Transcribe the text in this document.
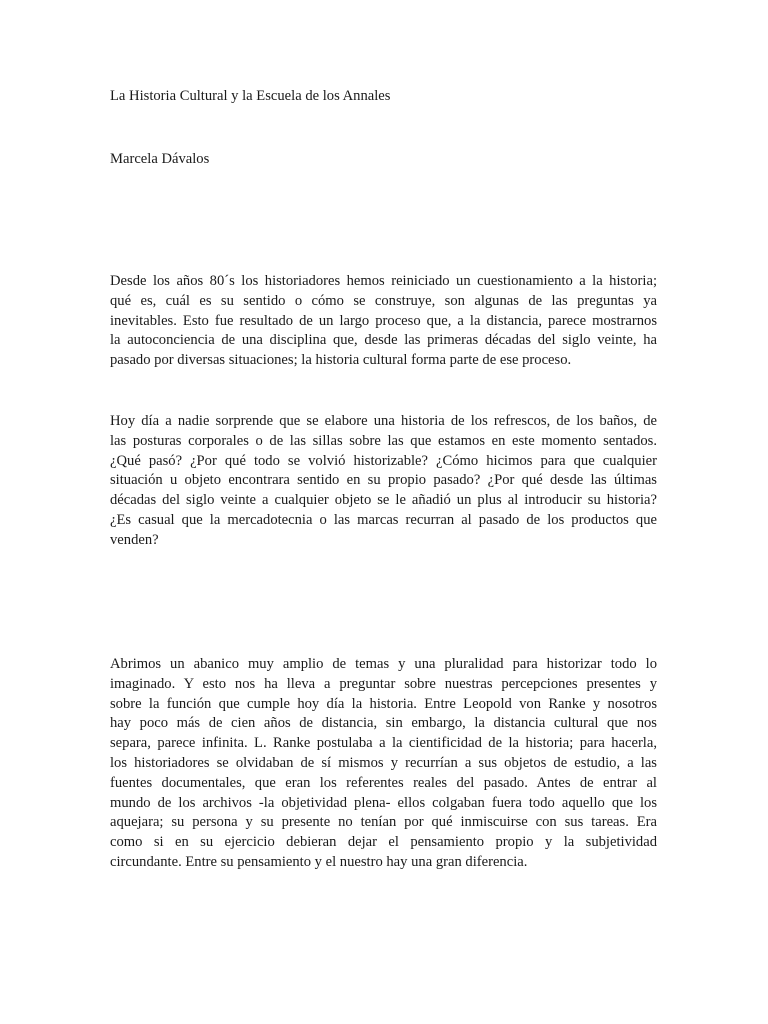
La Historia Cultural y la Escuela de los Annales
Marcela Dávalos
Desde los años 80´s los historiadores hemos reiniciado un cuestionamiento a la historia;
qué es, cuál es su sentido o cómo se construye, son algunas de las preguntas ya
inevitables. Esto fue resultado de un largo proceso que, a la distancia, parece mostrarnos
la autoconciencia de una disciplina que, desde las primeras décadas del siglo veinte, ha
pasado por diversas situaciones; la historia cultural forma parte de ese proceso.
Hoy día a nadie sorprende que se elabore una historia de los refrescos, de los baños, de
las posturas corporales o de las sillas sobre las que estamos en este momento sentados.
¿Qué pasó? ¿Por qué todo se volvió historizable? ¿Cómo hicimos para que cualquier
situación u objeto encontrara sentido en su propio pasado? ¿Por qué desde las últimas
décadas del siglo veinte a cualquier objeto se le añadió un plus al introducir su historia?
¿Es casual que la mercadotecnia o las marcas recurran al pasado de los productos que
venden?
Abrimos un abanico muy amplio de temas y una pluralidad para historizar todo lo
imaginado. Y esto nos ha lleva a preguntar sobre nuestras percepciones presentes y
sobre la función que cumple hoy día la historia. Entre Leopold von Ranke y nosotros
hay poco más de cien años de distancia, sin embargo, la distancia cultural que nos
separa, parece infinita. L. Ranke postulaba a la cientificidad de la historia; para hacerla,
los historiadores se olvidaban de sí mismos y recurrían a sus objetos de estudio, a las
fuentes documentales, que eran los referentes reales del pasado. Antes de entrar al
mundo de los archivos -la objetividad plena- ellos colgaban fuera todo aquello que los
aquejara; su persona y su presente no tenían por qué inmiscuirse con sus tareas. Era
como si en su ejercicio debieran dejar el pensamiento propio y la subjetividad
circundante. Entre su pensamiento y el nuestro hay una gran diferencia.
